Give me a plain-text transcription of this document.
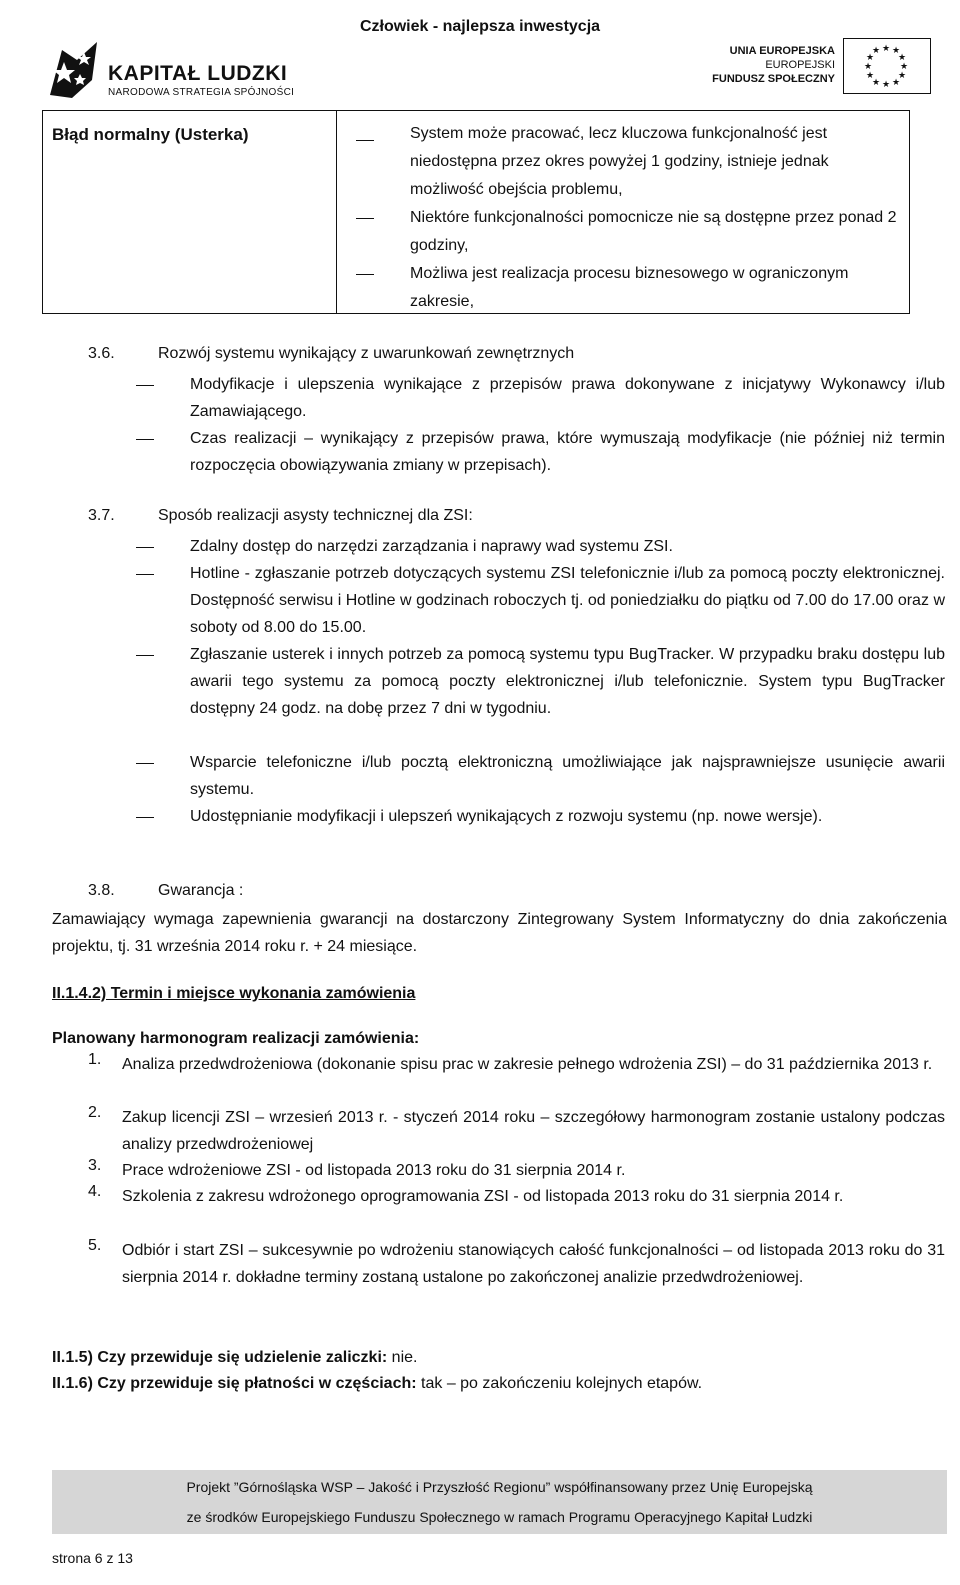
Człowiek - najlepsza inwestycja
KAPITAŁ LUDZKI
NARODOWA STRATEGIA SPÓJNOŚCI
UNIA EUROPEJSKA
EUROPEJSKI
FUNDUSZ SPOŁECZNY
★ ★
★
★
★
★
★
★
★
★
★
★
Błąd normalny (Usterka)	System może pracować, lecz kluczowa funkcjonalność jest niedostępna przez okres powyżej 1 godziny, istnieje jednak możliwość obejścia problemu,
Niektóre funkcjonalności pomocnicze nie są dostępne przez ponad 2 godziny,
Możliwa jest realizacja procesu biznesowego w ograniczonym zakresie,
3.6.	Rozwój systemu wynikający z uwarunkowań zewnętrznych
Modyfikacje i ulepszenia wynikające z przepisów prawa dokonywane z inicjatywy Wykonawcy i/lub Zamawiającego.
Czas realizacji – wynikający z przepisów prawa, które wymuszają modyfikacje (nie później niż termin rozpoczęcia obowiązywania zmiany w przepisach).
3.7.	Sposób realizacji asysty technicznej dla ZSI:
Zdalny dostęp do narzędzi zarządzania i naprawy wad systemu ZSI.
Hotline - zgłaszanie potrzeb dotyczących systemu ZSI telefonicznie i/lub za pomocą poczty elektronicznej. Dostępność serwisu i Hotline w godzinach roboczych tj. od poniedziałku do piątku od 7.00 do 17.00 oraz w soboty od 8.00 do 15.00.
Zgłaszanie usterek i innych potrzeb za pomocą systemu typu BugTracker. W przypadku braku dostępu lub awarii tego systemu za pomocą poczty elektronicznej i/lub telefonicznie. System typu BugTracker dostępny 24 godz. na dobę przez 7 dni w tygodniu.
Wsparcie telefoniczne i/lub pocztą elektroniczną umożliwiające jak najsprawniejsze usunięcie awarii systemu.
Udostępnianie modyfikacji i ulepszeń wynikających z rozwoju systemu (np. nowe wersje).
3.8.	Gwarancja :
Zamawiający wymaga zapewnienia gwarancji na dostarczony Zintegrowany System Informatyczny do dnia zakończenia projektu, tj. 31 września 2014 roku r. + 24 miesiące.
II.1.4.2) Termin i miejsce wykonania zamówienia
Planowany harmonogram realizacji zamówienia:
1. Analiza przedwdrożeniowa (dokonanie spisu prac w zakresie pełnego wdrożenia ZSI) – do 31 października 2013 r.
2. Zakup licencji ZSI – wrzesień 2013 r. - styczeń 2014 roku – szczegółowy harmonogram zostanie ustalony podczas analizy przedwdrożeniowej
3. Prace wdrożeniowe ZSI - od listopada 2013 roku do 31 sierpnia 2014 r.
4. Szkolenia z zakresu wdrożonego oprogramowania ZSI - od listopada 2013 roku do 31 sierpnia 2014 r.
5. Odbiór i start ZSI – sukcesywnie po wdrożeniu stanowiących całość funkcjonalności – od listopada 2013 roku do 31 sierpnia 2014 r. dokładne terminy zostaną ustalone po zakończonej analizie przedwdrożeniowej.
II.1.5) Czy przewiduje się udzielenie zaliczki: nie.
II.1.6) Czy przewiduje się płatności w częściach: tak – po zakończeniu kolejnych etapów.
Projekt ”Górnośląska WSP – Jakość i Przyszłość Regionu” współfinansowany przez Unię Europejską
ze środków Europejskiego Funduszu Społecznego w ramach Programu Operacyjnego Kapitał Ludzki
strona 6 z 13
